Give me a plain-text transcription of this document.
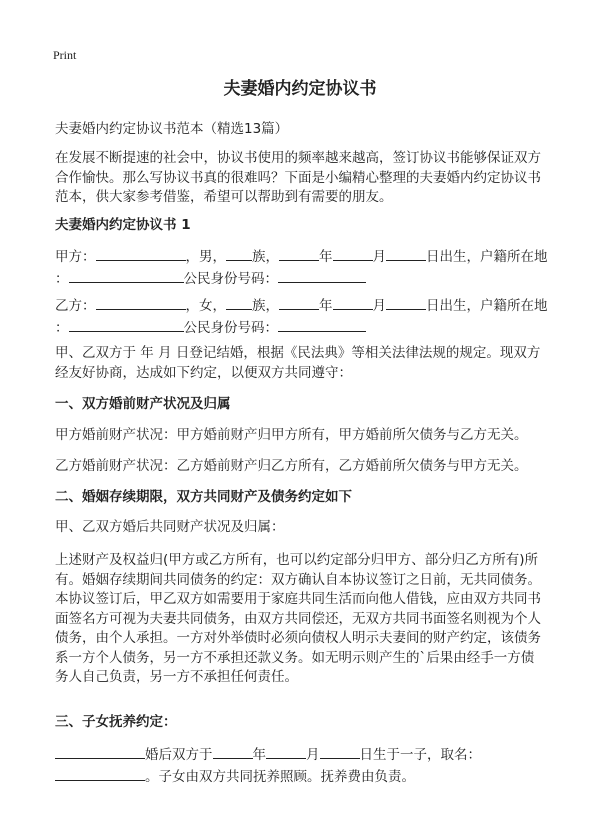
Print
夫妻婚内约定协议书
夫妻婚内约定协议书范本（精选13篇）
在发展不断提速的社会中，协议书使用的频率越来越高，签订协议书能够保证双方
合作愉快。那么写协议书真的很难吗？下面是小编精心整理的夫妻婚内约定协议书
范本，供大家参考借鉴，希望可以帮助到有需要的朋友。
夫妻婚内约定协议书 1
甲方：	，男， 族，	年	月	日出生，户籍所在地
：	公民身份号码：
乙方：	，女， 族，	年	月	日出生，户籍所在地
：	公民身份号码：
甲、乙双方于 年 月 日登记结婚，根据《民法典》等相关法律法规的规定。现双方
经友好协商，达成如下约定，以便双方共同遵守：
一、双方婚前财产状况及归属
甲方婚前财产状况：甲方婚前财产归甲方所有，甲方婚前所欠债务与乙方无关。
乙方婚前财产状况：乙方婚前财产归乙方所有，乙方婚前所欠债务与甲方无关。
二、婚姻存续期限，双方共同财产及债务约定如下
甲、乙双方婚后共同财产状况及归属：
上述财产及权益归(甲方或乙方所有，也可以约定部分归甲方、部分归乙方所有)所
有。婚姻存续期间共同债务的约定：双方确认自本协议签订之日前，无共同债务。
本协议签订后，甲乙双方如需要用于家庭共同生活而向他人借钱，应由双方共同书
面签名方可视为夫妻共同债务，由双方共同偿还，无双方共同书面签名则视为个人
债务，由个人承担。一方对外举债时必须向债权人明示夫妻间的财产约定，该债务
系一方个人债务，另一方不承担还款义务。如无明示则产生的`后果由经手一方债
务人自己负责，另一方不承担任何责任。
三、子女抚养约定：
婚后双方于	年	月	日生于一子，取名：
。子女由双方共同抚养照顾。抚养费由负责。
